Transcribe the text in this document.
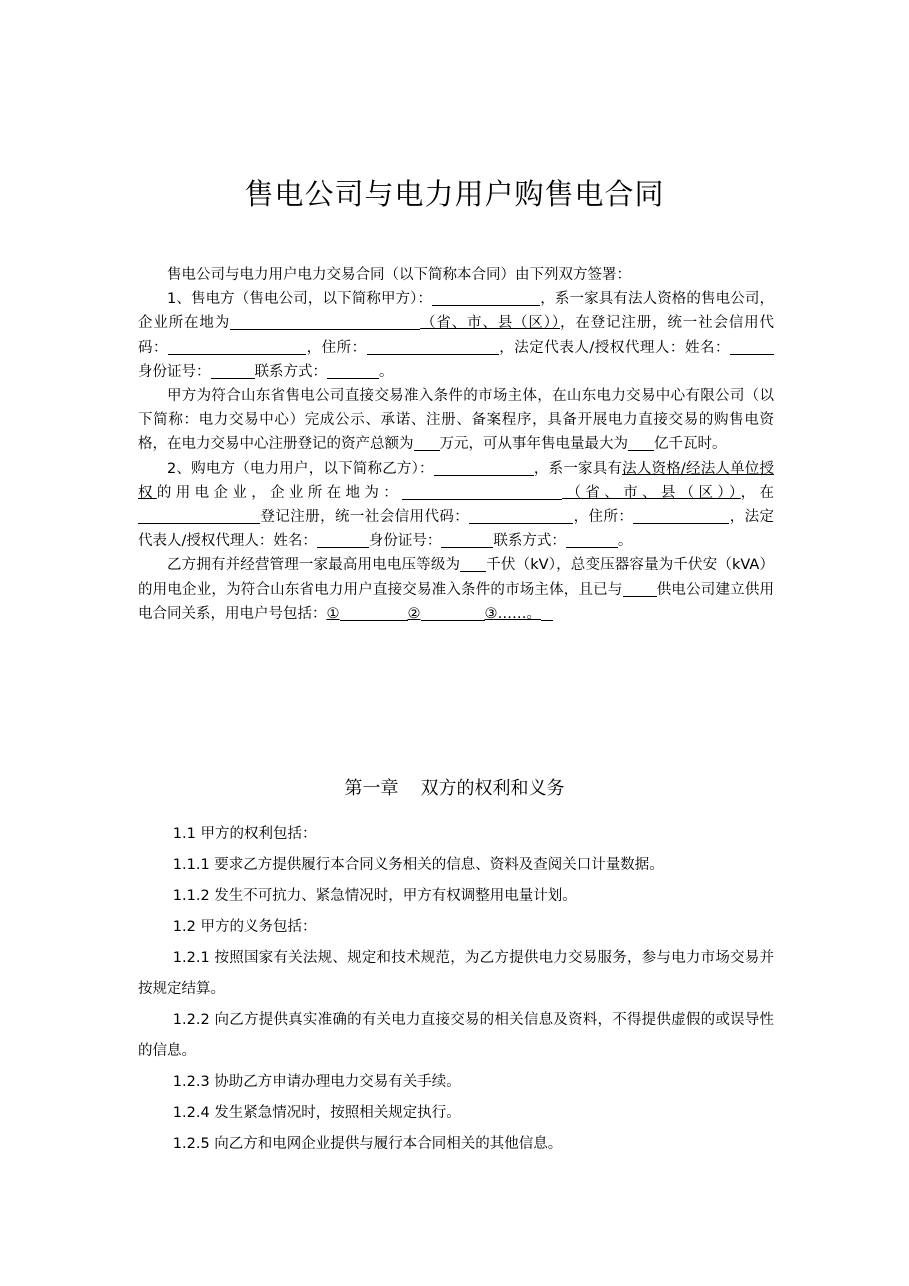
售电公司与电力用户购售电合同

售电公司与电力用户电力交易合同（以下简称本合同）由下列双方签署：

1、售电方（售电公司，以下简称甲方）：	，系一家具有法人资格的售电公司，企业所在地为	（省、市、县（区）），在登记注册，统一社会信用代码：	，住所：	，法定代表人/授权代理人：姓名：身份证号：	联系方式：	。

甲方为符合山东省售电公司直接交易准入条件的市场主体，在山东电力交易中心有限公司（以下简称：电力交易中心）完成公示、承诺、注册、备案程序，具备开展电力直接交易的购售电资格，在电力交易中心注册登记的资产总额为 万元，可从事年售电量最大为 亿千瓦时。

2、购电方（电力用户，以下简称乙方）：	，系一家具有法人资格/经法人单位授权的用电企业，企业所在地为：	（省、市、县（区）），在登记注册，统一社会信用代码：	，住所：	，法定代表人/授权代理人：姓名：	身份证号：	联系方式：	。

乙方拥有并经营管理一家最高用电电压等级为 千伏（kV），总变压器容量为千伏安（kVA）的用电企业，为符合山东省电力用户直接交易准入条件的市场主体，且已与 供电公司建立供用电合同关系，用电户号包括：①	②	③……。

第一章 双方的权利和义务

1.1 甲方的权利包括：

1.1.1 要求乙方提供履行本合同义务相关的信息、资料及查阅关口计量数据。

1.1.2 发生不可抗力、紧急情况时，甲方有权调整用电量计划。

1.2 甲方的义务包括：

1.2.1 按照国家有关法规、规定和技术规范，为乙方提供电力交易服务，参与电力市场交易并按规定结算。

1.2.2 向乙方提供真实准确的有关电力直接交易的相关信息及资料，不得提供虚假的或误导性的信息。

1.2.3 协助乙方申请办理电力交易有关手续。

1.2.4 发生紧急情况时，按照相关规定执行。

1.2.5 向乙方和电网企业提供与履行本合同相关的其他信息。
